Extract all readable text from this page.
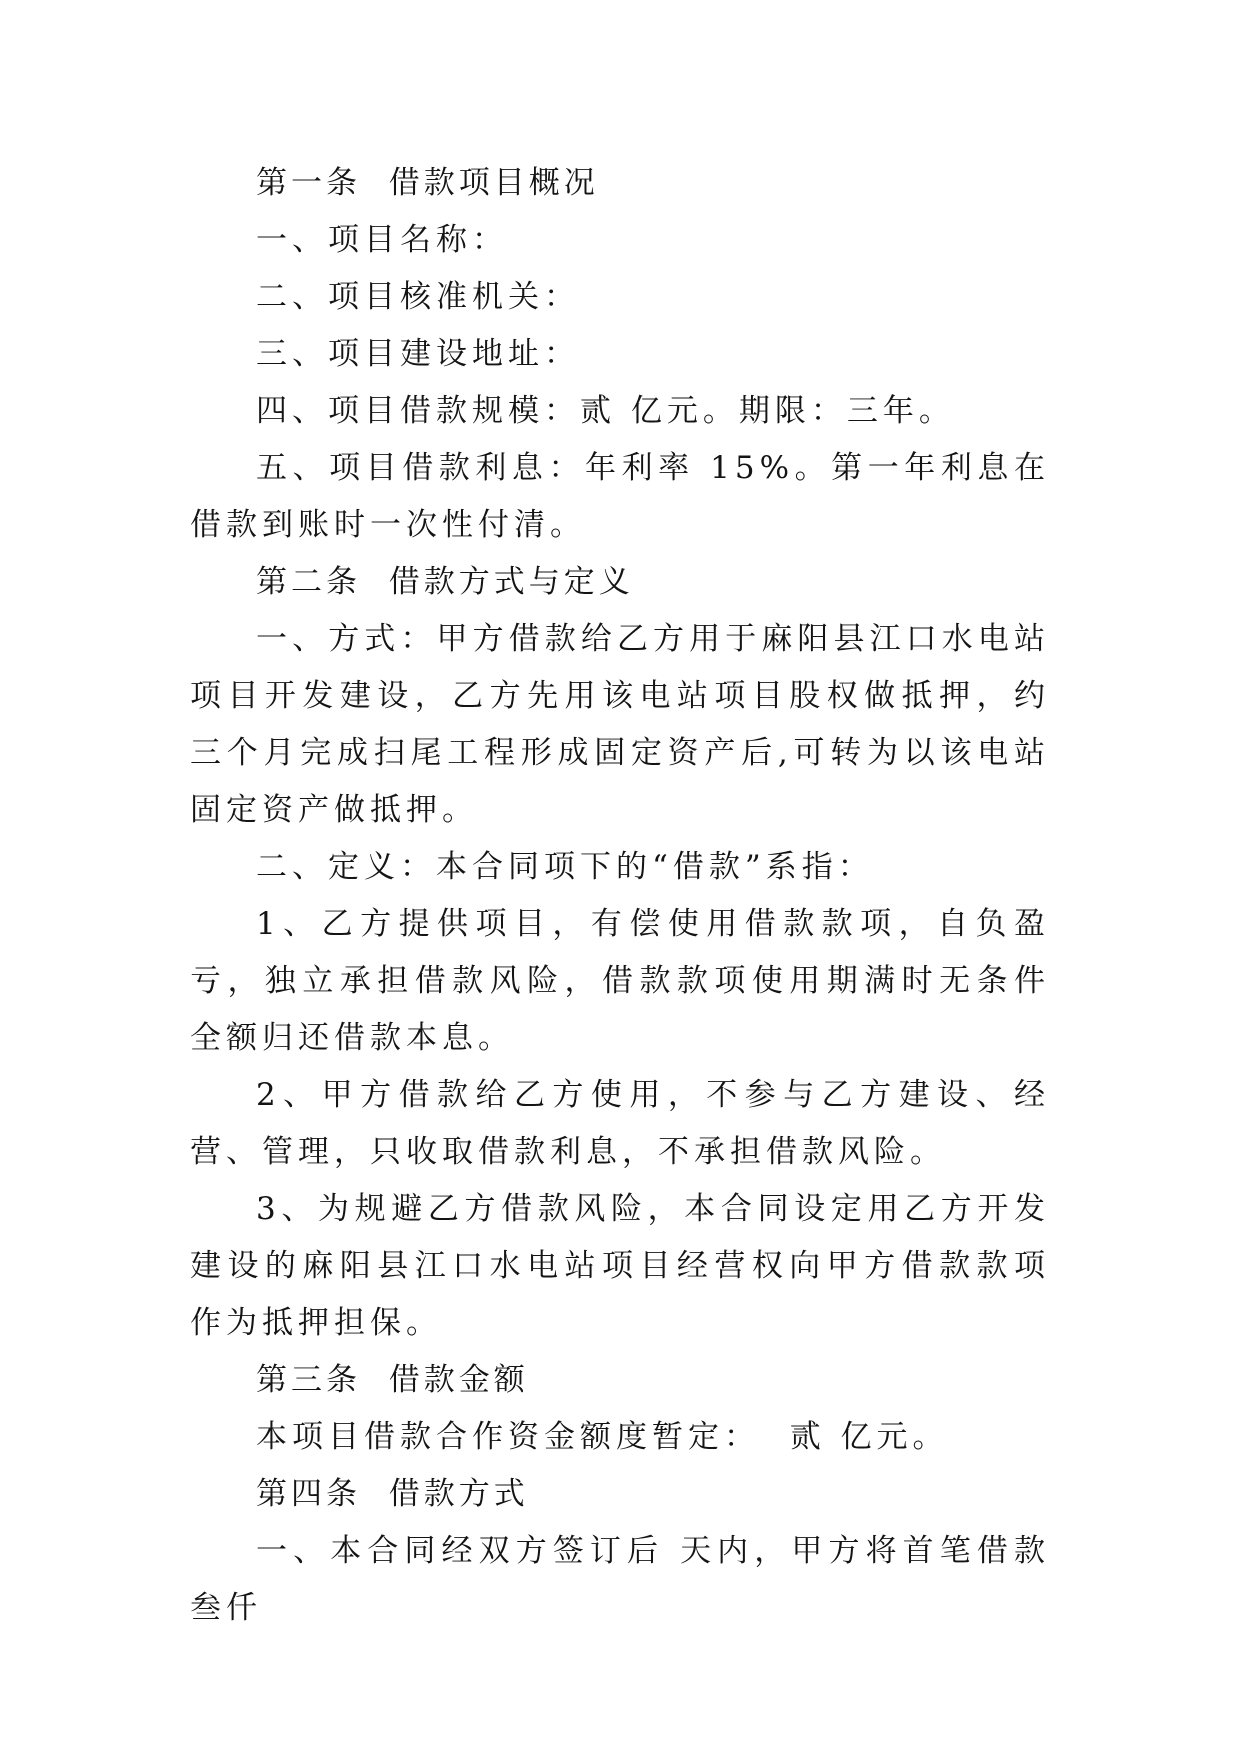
第一条  借款项目概况

一、项目名称：

二、项目核准机关：

三、项目建设地址：

四、项目借款规模：贰 亿元。期限：三年。

五、项目借款利息：年利率 15%。第一年利息在借款到账时一次性付清。

第二条  借款方式与定义

一、方式：甲方借款给乙方用于麻阳县江口水电站项目开发建设，乙方先用该电站项目股权做抵押，约三个月完成扫尾工程形成固定资产后,可转为以该电站固定资产做抵押。

二、定义：本合同项下的“借款”系指：

1、乙方提供项目，有偿使用借款款项，自负盈亏，独立承担借款风险，借款款项使用期满时无条件全额归还借款本息。

2、甲方借款给乙方使用，不参与乙方建设、经营、管理，只收取借款利息，不承担借款风险。

3、为规避乙方借款风险，本合同设定用乙方开发建设的麻阳县江口水电站项目经营权向甲方借款款项作为抵押担保。

第三条  借款金额

本项目借款合作资金额度暂定：  贰 亿元。

第四条  借款方式

一、本合同经双方签订后 天内，甲方将首笔借款叁仟
